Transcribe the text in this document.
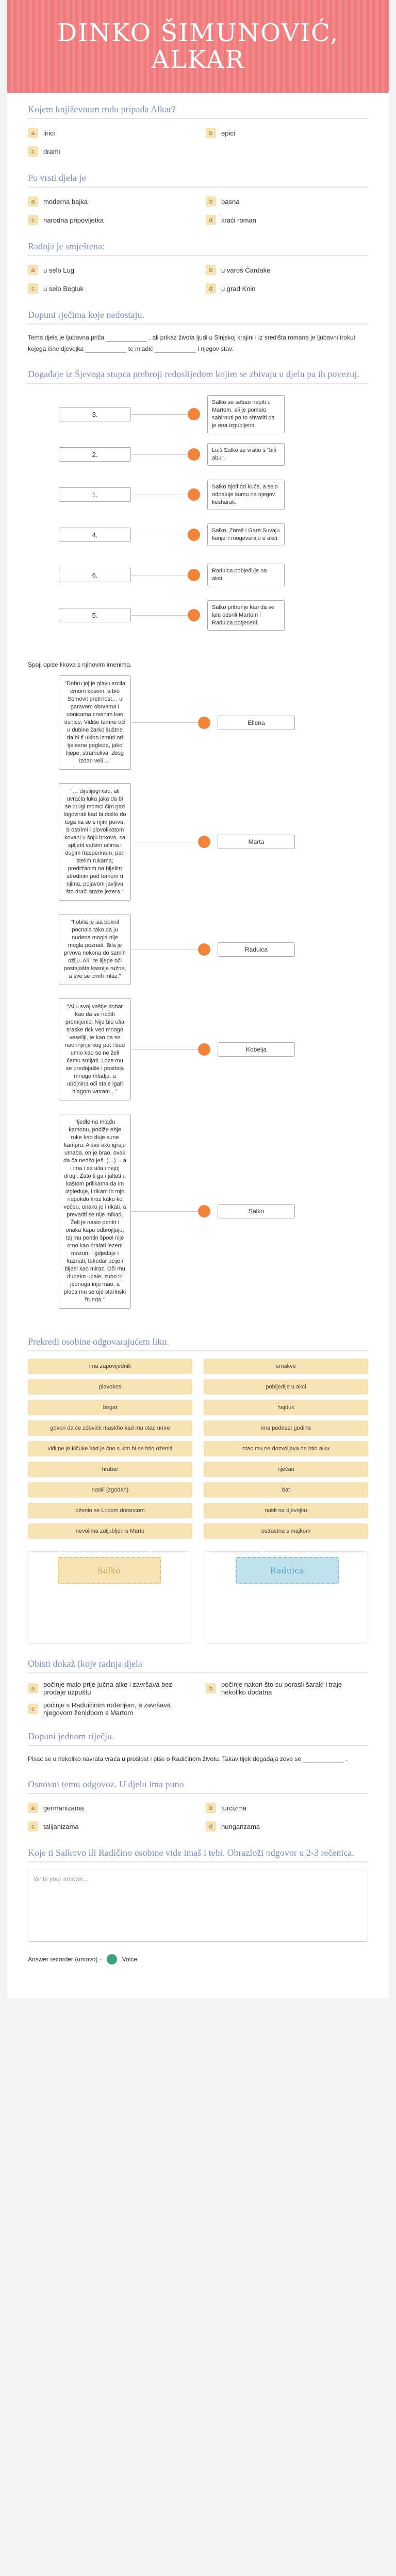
DINKO ŠIMUNOVIĆ, ALKAR
Kojem književnom rodu pripada Alkar?
a	lirici	b	epici
c	drami
Po vrsti djela je
a	moderna bajka	b	basna
c	narodna pripovijetka	d	kraći roman
Radnja je smještena:
a	u selo Lug	b	u varoš Čardake
c	u selo Begluk	d	u grad Knin
Dopuni rječima koje nedostaju.

Tema djela je ljubavna priča	, ali prikaz života ljudi u Sinjskoj krajini i iz središta romana je ljubavni trokut kojega čine djevojka	te mladić	i njegov stav.

Događaje iz Šjevoga stupca prebroji redoslijedom kojim se zbivaju u djelu pa ih povezuj.
3.
Salko se sebao napiti u Martom, ali je pomalo sabirnuti po to shvatiti da je ona izgubljena.
2.
Luiš Salko se vratio s "bili abu".
1.
Salko bjoti od kuće, a selo odbaluje šumu na njegov kesharak.
4.
Salko, Zoraš i Gare Suvaju konjei i mogovaraju u akci.
6.
Raduica pobjeđuje na akci.
5.
Salko pritrenje kao da se lale odsrili Martom i Raduica potjeceni.

Spoji opise likova s njihovim imenima.

"Dobru joj je glavu srcila crnom kosom, a bio Semovit pretrnost… u garavom obrvama i uonicama crvenim kao usnice. Vidiše tamne oči u dubine žarko šuštne da bi ti uklon izmuti od tjelesne pogleda, jako lijepe, stramoliva, zbog izdan veli…"
Ellena
"… dijelijegi kao, ali uvraćla luka jaka da bi se drugi momci čim gad lagovirati kad bi došlo do toga ka se s njim porvu. S ostrimi i plovolikotom kovani u šnjú brkova, sa spljetit vatkim očima i dugim frasperinom, pan stelim rukama; predržanim na bijelim strednim pod tomom u njima, pojavom javljivu što drači sraze jezera."
Marta
"I obila je iza boknil pocnala tako da ju nudena mogla nije mogla poznati. Bila je prvova nekona do samih ožiju. Ali i te lijepe oči postajašta kasnije ružne, a sve se crnih mlaz."
Raduica
"Al u svoj vaštje dobar kao da se neđiti promijenio. Nije bio ufia sraske rick ved mnogo veseliji, te kao da se naorinjinje kog put i bud umio kao se ne želi čemu smijati. Loze mu se prednjašle i posttala mnogo mladja, a ubojnina oči stale igati blagom vatram…"
Kobelja
"Ijedle na mlađu kamonu, podiže ebje ruke kao duje sune kampru. A sve ako igraju umaba, on je brao, ovak da ča nedšo ješ. (…) …a i ima i sa ulia i nejoj drugi. Zato ti ga i jaltati u kaštom prilikama da im izgleduje, i rikam ih mjo napokdo kroz kako ko večeu, onako je i rikati, a prevariti se nije mikad. Želi je nasio pentir i onaka kapu odbrojljuju, taj mu pentin špoel nije omo kao bralati lezem mozun. I gdjeđaje i kaznati, takodar ućije i bijeel kao miraz. Oči mu dubeko upale, zubo bi jednoga inju mao, a pleca mu se oje starinski frunda."
Salko
Prekredi osobine odgovarajućem liku.
ima zapovijednik	srnakve
plavokos	pobijedije u akci
bogat	hajduk
govori da će zdovičti maskho kad mu otac umre	ima pedeset godina
vidi ne je kičuke kad je čuo s kim bi se htio oženiti	otac mu ne dozvoljava da htio alku
hrabar	riječan
naslil (zgodan)	bat
oženio se Lucom dotancom	nakit na djevojku
nevolima zaljubljen u Martu	ostrastna s majkom
Salko	Raduica
Obisti dokaž (koje radnja djela
a	počinje malo prije jučna alke i završava bez prodaje uzpuštu	b	počinje nakon što su porasli šaraki i traje nekoliko dodatna
c	počinje s Raduičinim rođenjem, a završava njegovom ženidbom s Martom
Dopuni jednom riječju.

Pisac se u nekoliko navrata vraća u prošlost i piše o Radičinom životu. Takav tijek događaja zove se	.

Osnovni temu odgovoz. U djelu ima puno
a	germanizama	b	turcizma
c	talijanizama	d	hungarizama
Koje ti Salkovo ili Radičino osobine vide imaš i tebi. Obrazloži odgovor u 2-3 rečenica.
Write your answer...
Answer recorder (umovo) -	Voice
